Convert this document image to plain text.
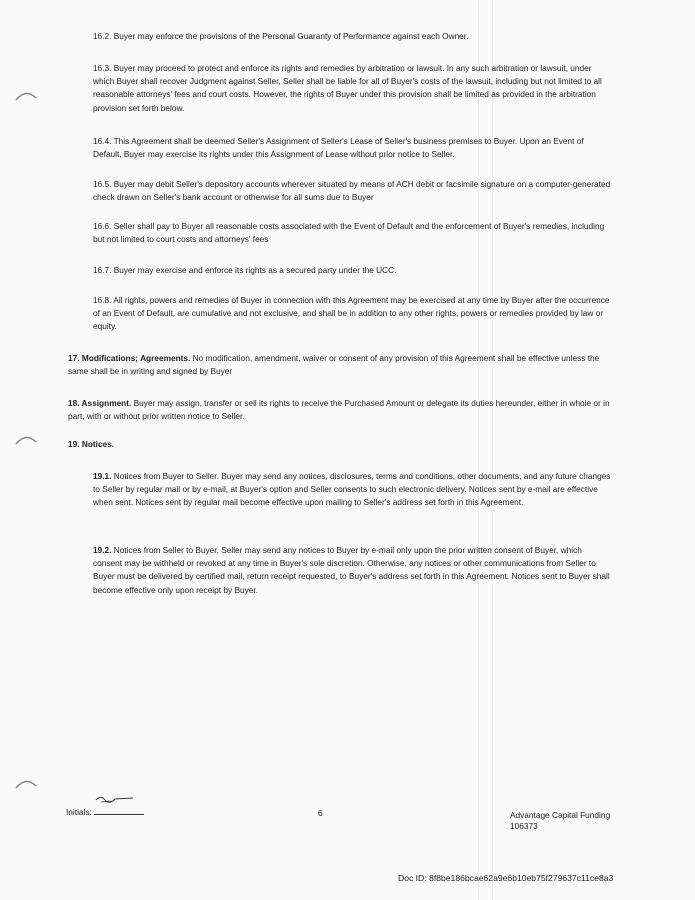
16.2. Buyer may enforce the provisions of the Personal Guaranty of Performance against each Owner.

16.3. Buyer may proceed to protect and enforce its rights and remedies by arbitration or lawsuit. In any such arbitration or lawsuit, under which Buyer shall recover Judgment against Seller, Seller shall be liable for all of Buyer's costs of the lawsuit, including but not limited to all reasonable attorneys' fees and court costs. However, the rights of Buyer under this provision shall be limited as provided in the arbitration provision set forth below.

16.4. This Agreement shall be deemed Seller's Assignment of Seller's Lease of Seller's business premises to Buyer. Upon an Event of Default, Buyer may exercise its rights under this Assignment of Lease without prior notice to Seller.

16.5. Buyer may debit Seller's depository accounts wherever situated by means of ACH debit or facsimile signature on a computer-generated check drawn on Seller's bank account or otherwise for all sums due to Buyer

16.6. Seller shall pay to Buyer all reasonable costs associated with the Event of Default and the enforcement of Buyer's remedies, including but not limited to court costs and attorneys' fees

16.7. Buyer may exercise and enforce its rights as a secured party under the UCC.

16.8. All rights, powers and remedies of Buyer in connection with this Agreement may be exercised at any time by Buyer after the occurrence of an Event of Default, are cumulative and not exclusive, and shall be in addition to any other rights, powers or remedies provided by law or equity.

17. Modifications; Agreements. No modification, amendment, waiver or consent of any provision of this Agreement shall be effective unless the same shall be in writing and signed by Buyer

18. Assignment. Buyer may assign, transfer or sell its rights to receive the Purchased Amount or delegate its duties hereunder, either in whole or in part, with or without prior written notice to Seller.

19. Notices.

19.1. Notices from Buyer to Seller. Buyer may send any notices, disclosures, terms and conditions, other documents, and any future changes to Seller by regular mail or by e-mail, at Buyer's option and Seller consents to such electronic delivery. Notices sent by e-mail are effective when sent. Notices sent by regular mail become effective upon mailing to Seller's address set forth in this Agreement.

19.2. Notices from Seller to Buyer. Seller may send any notices to Buyer by e-mail only upon the prior written consent of Buyer, which consent may be withheld or revoked at any time in Buyer's sole discretion. Otherwise, any notices or other communications from Seller to Buyer must be delivered by certified mail, return receipt requested, to Buyer's address set forth in this Agreement. Notices sent to Buyer shall become effective only upon receipt by Buyer.

Initials:	6	Advantage Capital Funding
106373
Doc ID: 8f8be186bcae62a9e6b10eb75f279637c11ce8a3
